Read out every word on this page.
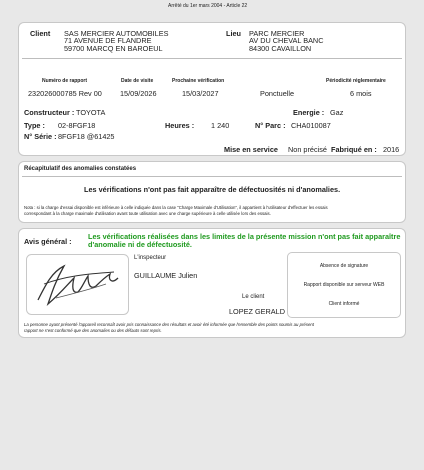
Arrêté du 1er mars 2004 - Article 22
Client SAS MERCIER AUTOMOBILES
71 AVENUE DE FLANDRE
59700 MARCQ EN BAROEUL
Lieu PARC MERCIER
AV DU CHEVAL BANC
84300 CAVAILLON
Numéro de rapport	Date de visite	Prochaine vérification	Périodicité réglementaire
232026000785 Rev 00 15/09/2026	15/03/2027	Ponctuelle	6 mois
Constructeur : TOYOTA	Energie : Gaz
Type : 02-8FGF18	Heures : 1 240	N° Parc : CHA010087
N° Série : 8FGF18 @61425
Mise en service Non précisé Fabriqué en : 2016
Récapitulatif des anomalies constatées
Les vérifications n'ont pas fait apparaître de défectuosités ni d'anomalies.
Nota : si la charge d'essai disponible est inférieure à celle indiquée dans la case "Charge Maximale d'Utilisation", il appartient à l'utilisateur d'effectuer les essais
correspondant à la charge maximale d'utilisation avant toute utilisation avec une charge supérieure à celle utilisée lors des essais.
Avis général :
Les vérifications réalisées dans les limites de la présente mission n'ont pas fait apparaître
d'anomalie ni de défectuosité.
L'inspecteur
GUILLAUME Julien
Le client
LOPEZ GERALD
Absence de signature
Rapport disponible sur serveur WEB
Client informé
La personne ayant présenté l'appareil reconnaît avoir pris connaissance des résultats et avoir été informée que l'ensemble des points soumis au présent
rapport ne s'est conformé que des anomalies ou des défauts sont repris.
